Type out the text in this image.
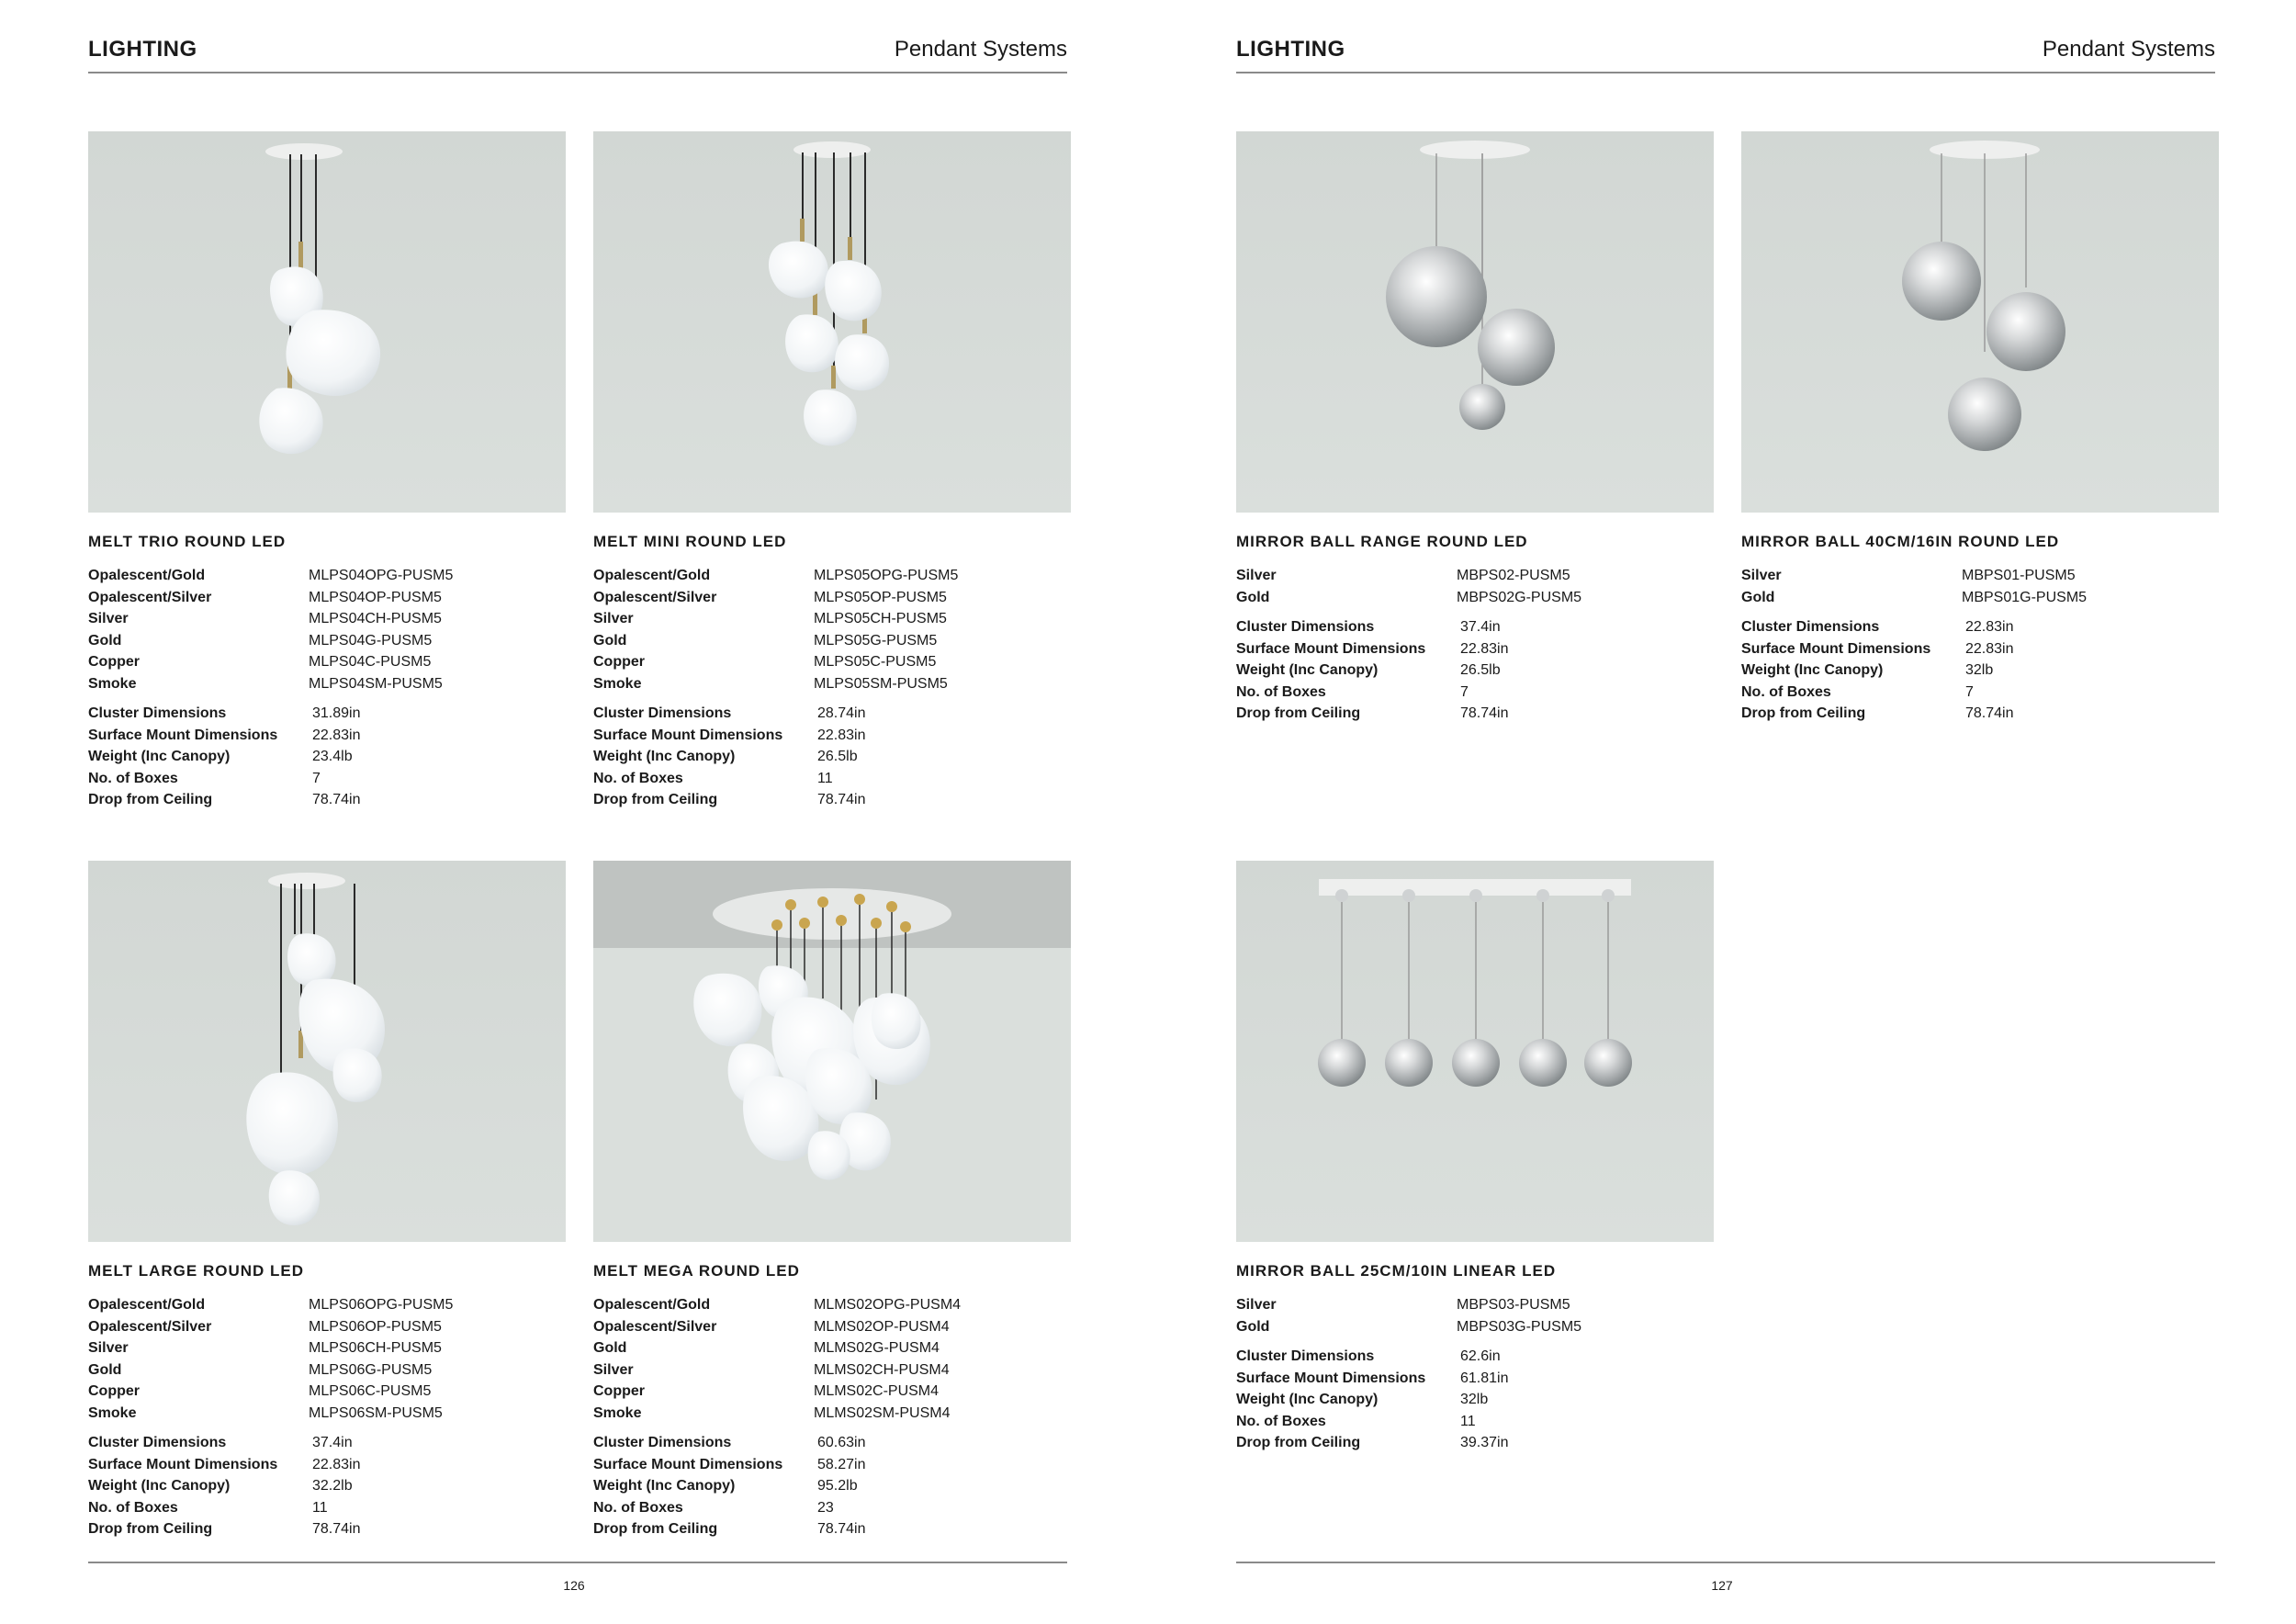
LIGHTING	Pendant Systems
MELT TRIO ROUND LED
Opalescent/Gold	MLPS04OPG-PUSM5
Opalescent/Silver	MLPS04OP-PUSM5
Silver	MLPS04CH-PUSM5
Gold	MLPS04G-PUSM5
Copper	MLPS04C-PUSM5
Smoke	MLPS04SM-PUSM5
Cluster Dimensions	31.89in
Surface Mount Dimensions	22.83in
Weight (Inc Canopy)	23.4lb
No. of Boxes	7
Drop from Ceiling	78.74in
MELT MINI ROUND LED
Opalescent/Gold	MLPS05OPG-PUSM5
Opalescent/Silver	MLPS05OP-PUSM5
Silver	MLPS05CH-PUSM5
Gold	MLPS05G-PUSM5
Copper	MLPS05C-PUSM5
Smoke	MLPS05SM-PUSM5
Cluster Dimensions	28.74in
Surface Mount Dimensions	22.83in
Weight (Inc Canopy)	26.5lb
No. of Boxes	11
Drop from Ceiling	78.74in
MELT LARGE ROUND LED
Opalescent/Gold	MLPS06OPG-PUSM5
Opalescent/Silver	MLPS06OP-PUSM5
Silver	MLPS06CH-PUSM5
Gold	MLPS06G-PUSM5
Copper	MLPS06C-PUSM5
Smoke	MLPS06SM-PUSM5
Cluster Dimensions	37.4in
Surface Mount Dimensions	22.83in
Weight (Inc Canopy)	32.2lb
No. of Boxes	11
Drop from Ceiling	78.74in
MELT MEGA ROUND LED
Opalescent/Gold	MLMS02OPG-PUSM4
Opalescent/Silver	MLMS02OP-PUSM4
Gold	MLMS02G-PUSM4
Silver	MLMS02CH-PUSM4
Copper	MLMS02C-PUSM4
Smoke	MLMS02SM-PUSM4
Cluster Dimensions	60.63in
Surface Mount Dimensions	58.27in
Weight (Inc Canopy)	95.2lb
No. of Boxes	23
Drop from Ceiling	78.74in
126
LIGHTING	Pendant Systems
MIRROR BALL RANGE ROUND LED
Silver	MBPS02-PUSM5
Gold	MBPS02G-PUSM5
Cluster Dimensions	37.4in
Surface Mount Dimensions	22.83in
Weight (Inc Canopy)	26.5lb
No. of Boxes	7
Drop from Ceiling	78.74in
MIRROR BALL 40CM/16IN ROUND LED
Silver	MBPS01-PUSM5
Gold	MBPS01G-PUSM5
Cluster Dimensions	22.83in
Surface Mount Dimensions	22.83in
Weight (Inc Canopy)	32lb
No. of Boxes	7
Drop from Ceiling	78.74in
MIRROR BALL 25CM/10IN LINEAR LED
Silver	MBPS03-PUSM5
Gold	MBPS03G-PUSM5
Cluster Dimensions	62.6in
Surface Mount Dimensions	61.81in
Weight (Inc Canopy)	32lb
No. of Boxes	11
Drop from Ceiling	39.37in
127
